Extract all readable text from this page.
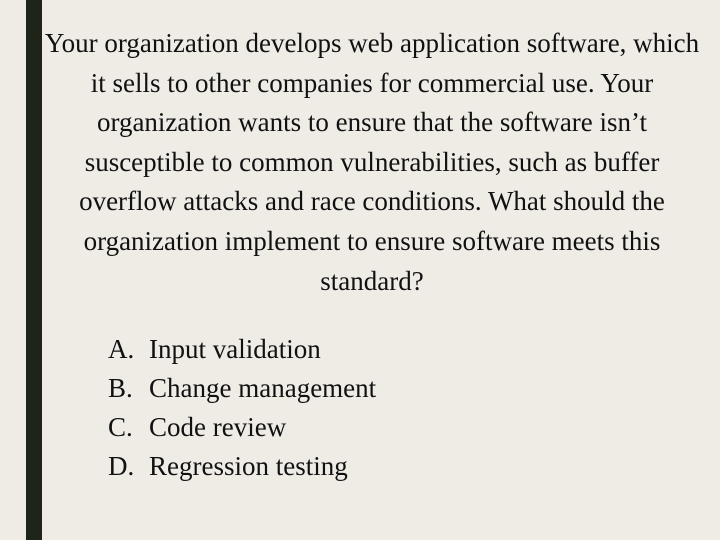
Your organization develops web application software, which it sells to other companies for commercial use. Your organization wants to ensure that the software isn’t susceptible to common vulnerabilities, such as buffer overflow attacks and race conditions. What should the organization implement to ensure software meets this standard?

A. Input validation
B. Change management
C. Code review
D. Regression testing
